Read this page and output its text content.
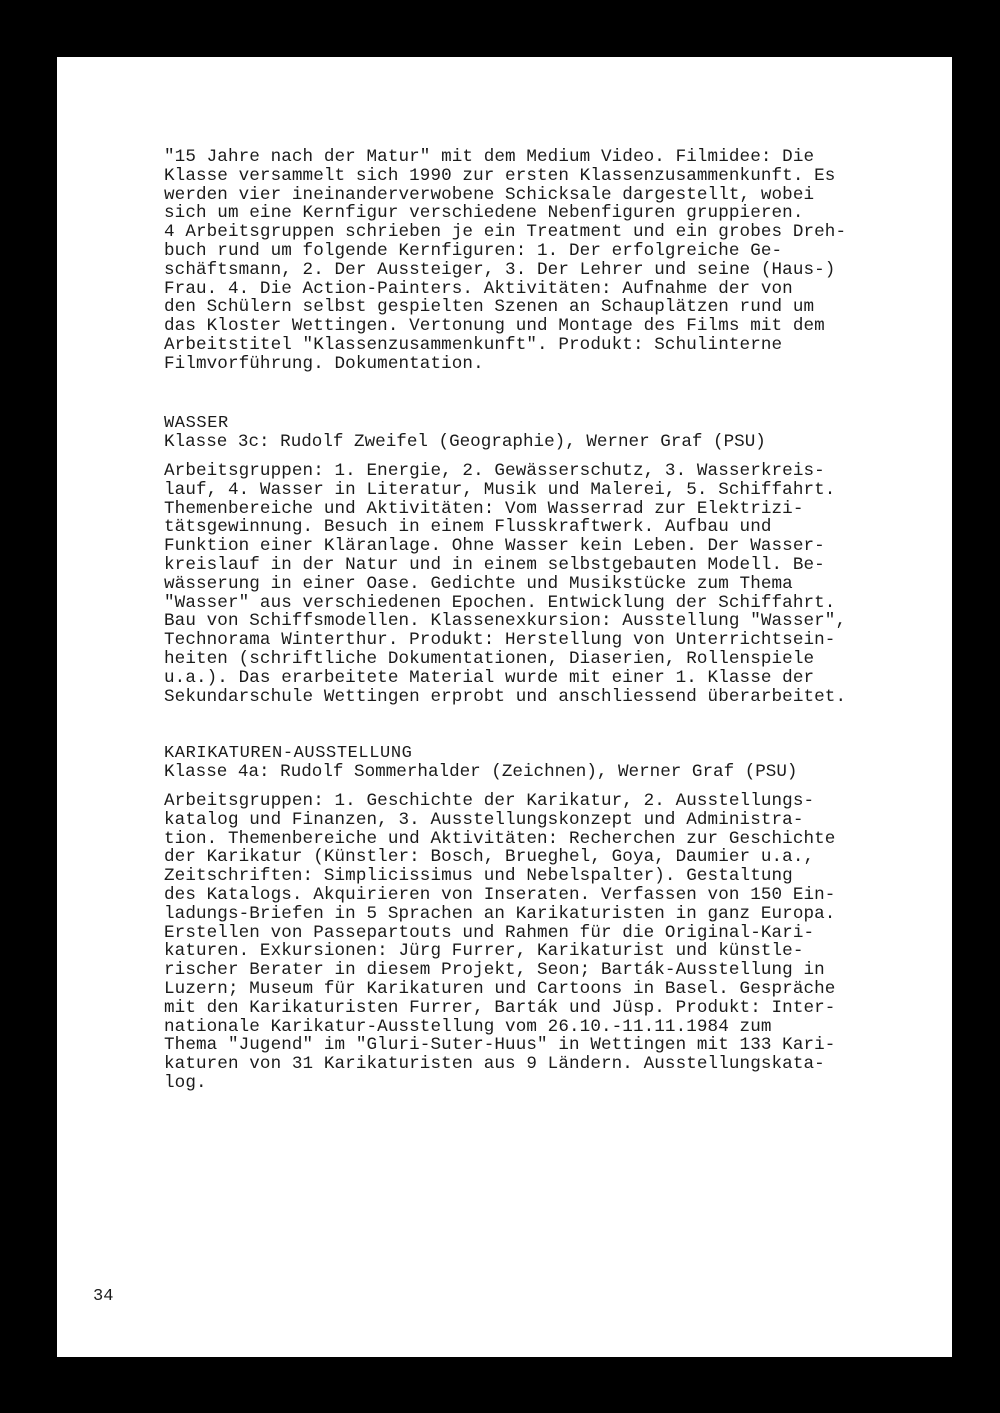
"15 Jahre nach der Matur" mit dem Medium Video. Filmidee: Die
Klasse versammelt sich 1990 zur ersten Klassenzusammenkunft. Es
werden vier ineinanderverwobene Schicksale dargestellt, wobei
sich um eine Kernfigur verschiedene Nebenfiguren gruppieren.
4 Arbeitsgruppen schrieben je ein Treatment und ein grobes Dreh-
buch rund um folgende Kernfiguren: 1. Der erfolgreiche Ge-
schäftsmann, 2. Der Aussteiger, 3. Der Lehrer und seine (Haus-)
Frau. 4. Die Action-Painters. Aktivitäten: Aufnahme der von
den Schülern selbst gespielten Szenen an Schauplätzen rund um
das Kloster Wettingen. Vertonung und Montage des Films mit dem
Arbeitstitel "Klassenzusammenkunft". Produkt: Schulinterne
Filmvorführung. Dokumentation.
WASSER
Klasse 3c: Rudolf Zweifel (Geographie), Werner Graf (PSU)
Arbeitsgruppen: 1. Energie, 2. Gewässerschutz, 3. Wasserkreis-
lauf, 4. Wasser in Literatur, Musik und Malerei, 5. Schiffahrt.
Themenbereiche und Aktivitäten: Vom Wasserrad zur Elektrizi-
tätsgewinnung. Besuch in einem Flusskraftwerk. Aufbau und
Funktion einer Kläranlage. Ohne Wasser kein Leben. Der Wasser-
kreislauf in der Natur und in einem selbstgebauten Modell. Be-
wässerung in einer Oase. Gedichte und Musikstücke zum Thema
"Wasser" aus verschiedenen Epochen. Entwicklung der Schiffahrt.
Bau von Schiffsmodellen. Klassenexkursion: Ausstellung "Wasser",
Technorama Winterthur. Produkt: Herstellung von Unterrichtsein-
heiten (schriftliche Dokumentationen, Diaserien, Rollenspiele
u.a.). Das erarbeitete Material wurde mit einer 1. Klasse der
Sekundarschule Wettingen erprobt und anschliessend überarbeitet.
KARIKATUREN-AUSSTELLUNG
Klasse 4a: Rudolf Sommerhalder (Zeichnen), Werner Graf (PSU)
Arbeitsgruppen: 1. Geschichte der Karikatur, 2. Ausstellungs-
katalog und Finanzen, 3. Ausstellungskonzept und Administra-
tion. Themenbereiche und Aktivitäten: Recherchen zur Geschichte
der Karikatur (Künstler: Bosch, Brueghel, Goya, Daumier u.a.,
Zeitschriften: Simplicissimus und Nebelspalter). Gestaltung
des Katalogs. Akquirieren von Inseraten. Verfassen von 150 Ein-
ladungs-Briefen in 5 Sprachen an Karikaturisten in ganz Europa.
Erstellen von Passepartouts und Rahmen für die Original-Kari-
katuren. Exkursionen: Jürg Furrer, Karikaturist und künstle-
rischer Berater in diesem Projekt, Seon; Barták-Ausstellung in
Luzern; Museum für Karikaturen und Cartoons in Basel. Gespräche
mit den Karikaturisten Furrer, Barták und Jüsp. Produkt: Inter-
nationale Karikatur-Ausstellung vom 26.10.-11.11.1984 zum
Thema "Jugend" im "Gluri-Suter-Huus" in Wettingen mit 133 Kari-
katuren von 31 Karikaturisten aus 9 Ländern. Ausstellungskata-
log.
34
